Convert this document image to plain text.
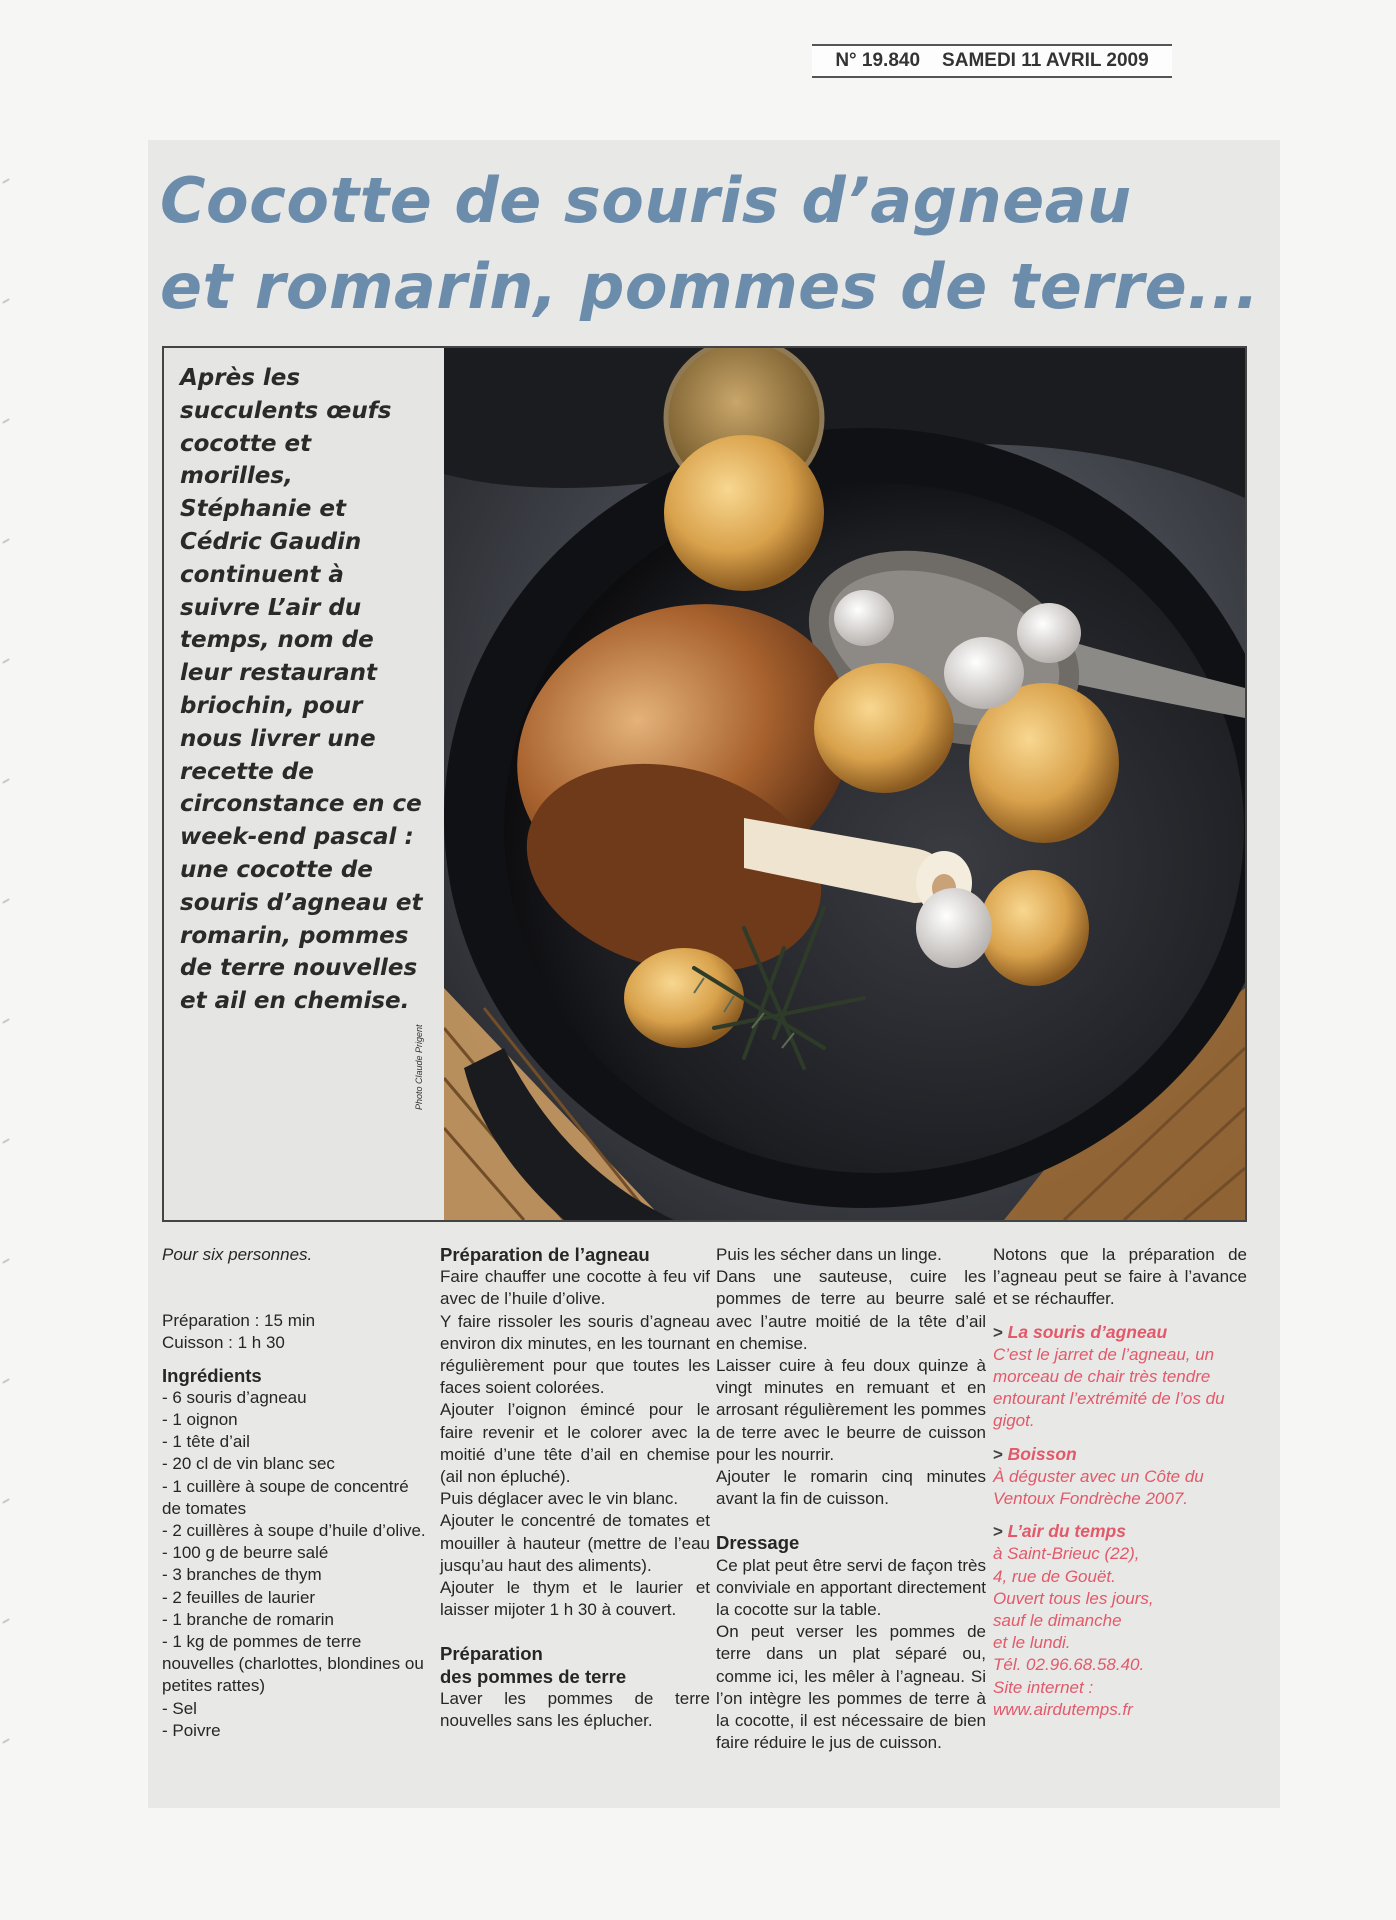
N° 19.840 SAMEDI 11 AVRIL 2009
Cocotte de souris d’agneau
et romarin, pommes de terre...
Après les succulents œufs cocotte et morilles, Stéphanie et Cédric Gaudin continuent à suivre L’air du temps, nom de leur restaurant briochin, pour nous livrer une recette de circonstance en ce week-end pascal : une cocotte de souris d’agneau et romarin, pommes de terre nouvelles et ail en chemise.
Photo Claude Prigent

Pour six personnes.

Préparation : 15 min

Cuisson : 1 h 30

Ingrédients

- 6 souris d’agneau

- 1 oignon

- 1 tête d’ail

- 20 cl de vin blanc sec

- 1 cuillère à soupe de concentré de tomates

- 2 cuillères à soupe d’huile d’olive.

- 100 g de beurre salé

- 3 branches de thym

- 2 feuilles de laurier

- 1 branche de romarin

- 1 kg de pommes de terre nouvelles (charlottes, blondines ou petites rattes)

- Sel

- Poivre

Préparation de l’agneau

Faire chauffer une cocotte à feu vif avec de l’huile d’olive.

Y faire rissoler les souris d’agneau environ dix minutes, en les tournant régulièrement pour que toutes les faces soient colorées.

Ajouter l’oignon émincé pour le faire revenir et le colorer avec la moitié d’une tête d’ail en chemise (ail non épluché).

Puis déglacer avec le vin blanc.

Ajouter le concentré de tomates et mouiller à hauteur (mettre de l’eau jusqu’au haut des aliments).

Ajouter le thym et le laurier et laisser mijoter 1 h 30 à couvert.

Préparation

des pommes de terre

Laver les pommes de terre nouvelles sans les éplucher.

Puis les sécher dans un linge.

Dans une sauteuse, cuire les pommes de terre au beurre salé avec l’autre moitié de la tête d’ail en chemise.

Laisser cuire à feu doux quinze à vingt minutes en remuant et en arrosant régulièrement les pommes de terre avec le beurre de cuisson pour les nourrir.

Ajouter le romarin cinq minutes avant la fin de cuisson.

Dressage

Ce plat peut être servi de façon très conviviale en apportant directement la cocotte sur la table.

On peut verser les pommes de terre dans un plat séparé ou, comme ici, les mêler à l’agneau. Si l’on intègre les pommes de terre à la cocotte, il est nécessaire de bien faire réduire le jus de cuisson.

Notons que la préparation de l’agneau peut se faire à l’avance et se réchauffer.

> La souris d’agneau

C’est le jarret de l’agneau, un morceau de chair très tendre entourant l’extrémité de l’os du gigot.

> Boisson

À déguster avec un Côte du Ventoux Fondrèche 2007.

> L’air du temps

à Saint-Brieuc (22),

4, rue de Gouët.

Ouvert tous les jours,

sauf le dimanche

et le lundi.

Tél. 02.96.68.58.40.

Site internet :

www.airdutemps.fr
